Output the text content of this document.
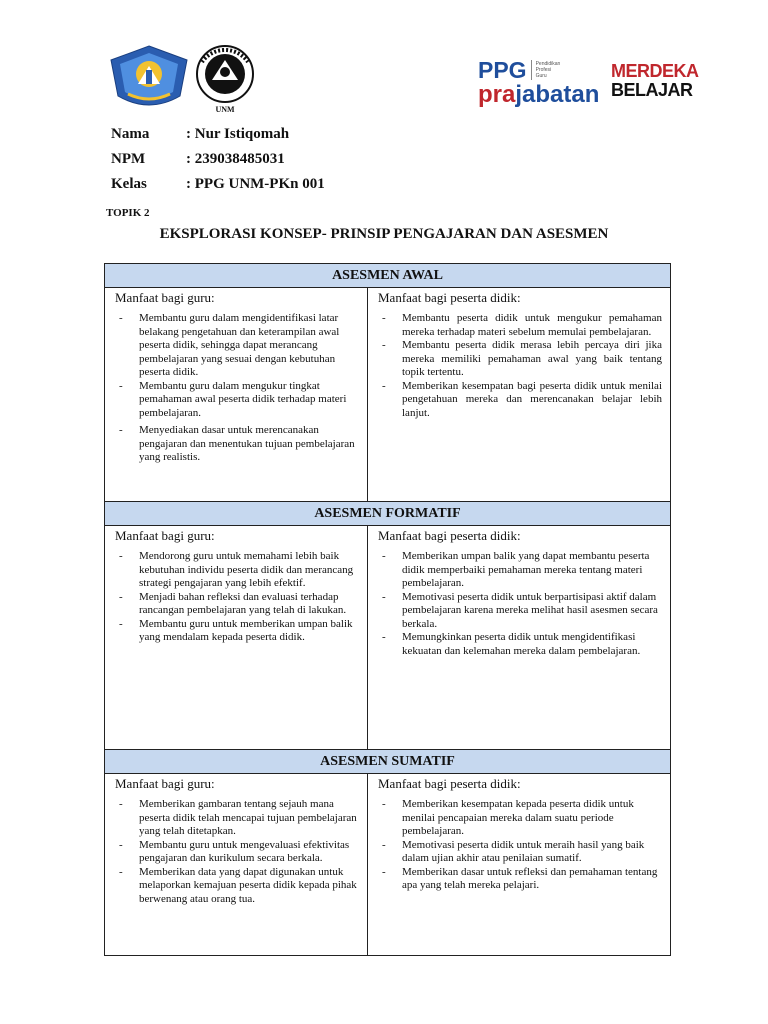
UNM
PPG Pendidikan Profesi Guru
prajabatan
MERDEKA
BELAJAR
Nama	: Nur Istiqomah
NPM	: 239038485031
Kelas	: PPG UNM-PKn 001
TOPIK 2
EKSPLORASI KONSEP- PRINSIP PENGAJARAN DAN ASESMEN
ASESMEN AWAL
Manfaat bagi guru:
-	Membantu guru dalam mengidentifikasi latar belakang pengetahuan dan keterampilan awal peserta didik, sehingga dapat merancang pembelajaran yang sesuai dengan kebutuhan peserta didik.
-	Membantu guru dalam mengukur tingkat pemahaman awal peserta didik terhadap materi pembelajaran.
-	Menyediakan dasar untuk merencanakan pengajaran dan menentukan tujuan pembelajaran yang realistis.
Manfaat bagi peserta didik:
-	Membantu peserta didik untuk mengukur pemahaman mereka terhadap materi sebelum memulai pembelajaran.
-	Membantu peserta didik merasa lebih percaya diri jika mereka memiliki pemahaman awal yang baik tentang topik tertentu.
-	Memberikan kesempatan bagi peserta didik untuk menilai pengetahuan mereka dan merencanakan belajar lebih lanjut.
ASESMEN FORMATIF
Manfaat bagi guru:
-	Mendorong guru untuk memahami lebih baik kebutuhan individu peserta didik dan merancang strategi pengajaran yang lebih efektif.
-	Menjadi bahan refleksi dan evaluasi terhadap rancangan pembelajaran yang telah di lakukan.
-	Membantu guru untuk memberikan umpan balik yang mendalam kepada peserta didik.
Manfaat bagi peserta didik:
-	Memberikan umpan balik yang dapat membantu peserta didik memperbaiki pemahaman mereka tentang materi pembelajaran.
-	Memotivasi peserta didik untuk berpartisipasi aktif dalam pembelajaran karena mereka melihat hasil asesmen secara berkala.
-	Memungkinkan peserta didik untuk mengidentifikasi kekuatan dan kelemahan mereka dalam pembelajaran.
ASESMEN SUMATIF
Manfaat bagi guru:
-	Memberikan gambaran tentang sejauh mana peserta didik telah mencapai tujuan pembelajaran yang telah ditetapkan.
-	Membantu guru untuk mengevaluasi efektivitas pengajaran dan kurikulum secara berkala.
-	Memberikan data yang dapat digunakan untuk melaporkan kemajuan peserta didik kepada pihak berwenang atau orang tua.
Manfaat bagi peserta didik:
-	Memberikan kesempatan kepada peserta didik untuk menilai pencapaian mereka dalam suatu periode pembelajaran.
-	Memotivasi peserta didik untuk meraih hasil yang baik dalam ujian akhir atau penilaian sumatif.
-	Memberikan dasar untuk refleksi dan pemahaman tentang apa yang telah mereka pelajari.
